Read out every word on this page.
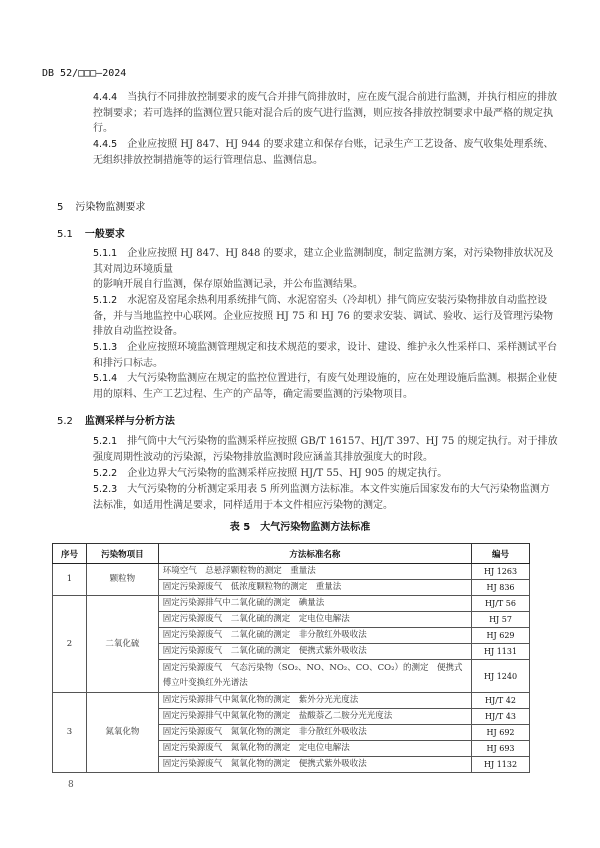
DB 52/□□□—2024
4.4.4 当执行不同排放控制要求的废气合并排气筒排放时，应在废气混合前进行监测，并执行相应的排放控制要求；若可选择的监测位置只能对混合后的废气进行监测，则应按各排放控制要求中最严格的规定执行。
4.4.5 企业应按照 HJ 847、HJ 944 的要求建立和保存台账，记录生产工艺设备、废气收集处理系统、无组织排放控制措施等的运行管理信息、监测信息。
5 污染物监测要求
5.1 一般要求
5.1.1 企业应按照 HJ 847、HJ 848 的要求，建立企业监测制度，制定监测方案，对污染物排放状况及其对周边环境质量
的影响开展自行监测，保存原始监测记录，并公布监测结果。
5.1.2 水泥窑及窑尾余热利用系统排气筒、水泥窑窑头（冷却机）排气筒应安装污染物排放自动监控设备，并与当地监控中心联网。企业应按照 HJ 75 和 HJ 76 的要求安装、调试、验收、运行及管理污染物排放自动监控设备。
5.1.3 企业应按照环境监测管理规定和技术规范的要求，设计、建设、维护永久性采样口、采样测试平台和排污口标志。
5.1.4 大气污染物监测应在规定的监控位置进行，有废气处理设施的，应在处理设施后监测。根据企业使用的原料、生产工艺过程、生产的产品等，确定需要监测的污染物项目。
5.2 监测采样与分析方法
5.2.1 排气筒中大气污染物的监测采样应按照 GB/T 16157、HJ/T 397、HJ 75 的规定执行。对于排放强度周期性波动的污染源，污染物排放监测时段应涵盖其排放强度大的时段。
5.2.2 企业边界大气污染物的监测采样应按照 HJ/T 55、HJ 905 的规定执行。
5.2.3 大气污染物的分析测定采用表 5 所列监测方法标准。本文件实施后国家发布的大气污染物监测方法标准，如适用性满足要求，同样适用于本文件相应污染物的测定。
表 5　大气污染物监测方法标准
序号	污染物项目	方法标准名称	编号
1	颗粒物	环境空气　总悬浮颗粒物的测定　重量法	HJ 1263
		固定污染源废气　低浓度颗粒物的测定　重量法	HJ 836
2	二氧化硫	固定污染源排气中二氧化硫的测定　碘量法	HJ/T 56
		固定污染源废气　二氧化硫的测定　定电位电解法	HJ 57
		固定污染源废气　二氧化硫的测定　非分散红外吸收法	HJ 629
		固定污染源废气　二氧化硫的测定　便携式紫外吸收法	HJ 1131
		固定污染源废气　气态污染物（SO₂、NO、NO₂、CO、CO₂）的测定　便携式傅立叶变换红外光谱法	HJ 1240
3	氮氧化物	固定污染源排气中氮氧化物的测定　紫外分光光度法	HJ/T 42
		固定污染源排气中氮氧化物的测定　盐酸萘乙二胺分光光度法	HJ/T 43
		固定污染源废气　氮氧化物的测定　非分散红外吸收法	HJ 692
		固定污染源废气　氮氧化物的测定　定电位电解法	HJ 693
		固定污染源废气　氮氧化物的测定　便携式紫外吸收法	HJ 1132
8
